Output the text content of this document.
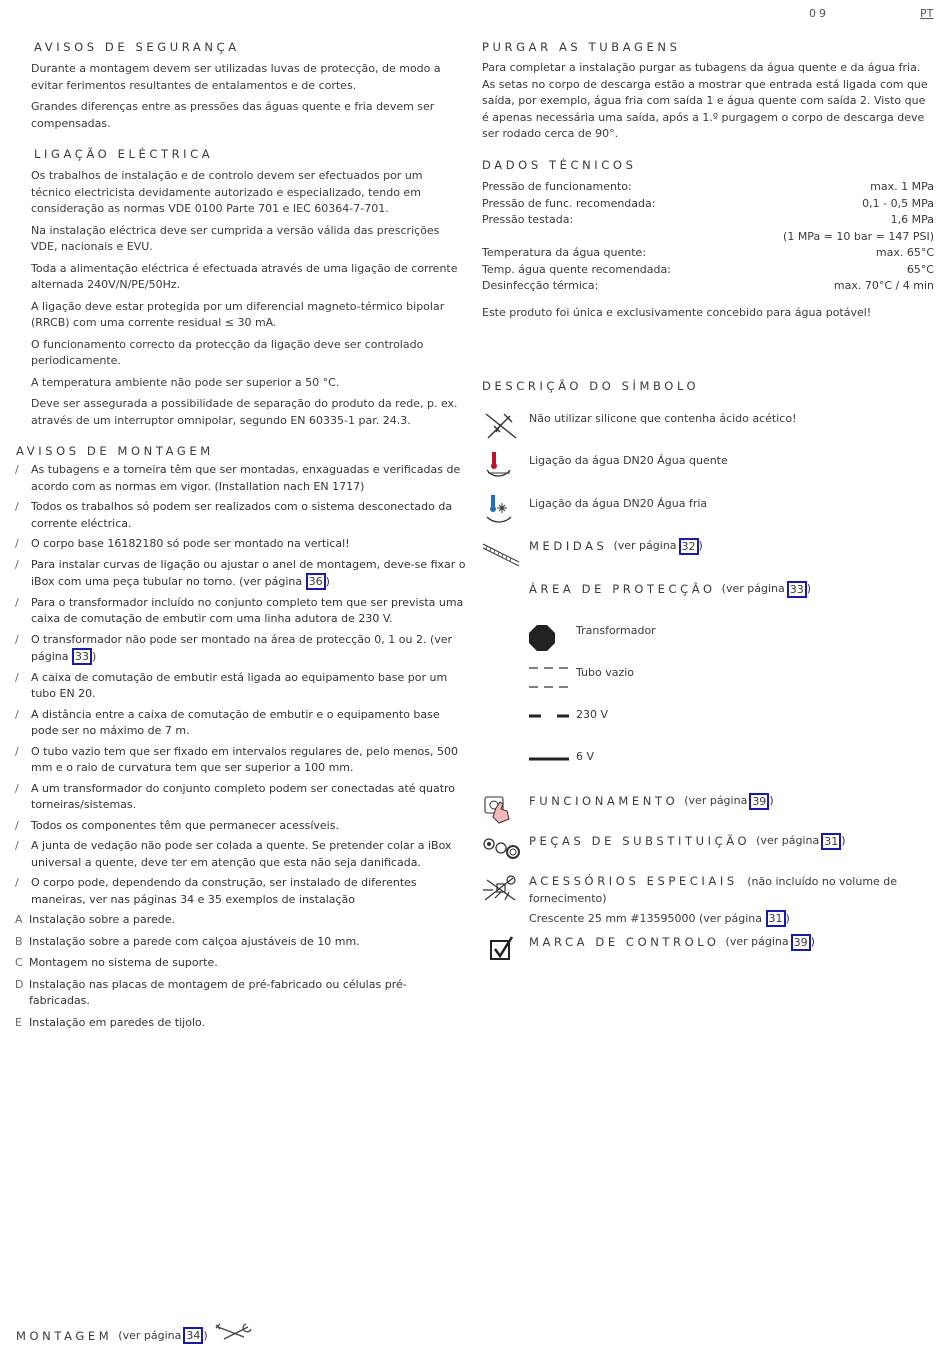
09	PT
AVISOS DE SEGURANÇA

Durante a montagem devem ser utilizadas luvas de protecção, de modo a evitar ferimentos resultantes de entalamentos e de cortes.

Grandes diferenças entre as pressões das águas quente e fria devem ser compensadas.

LIGAÇÃO ELÉCTRICA

Os trabalhos de instalação e de controlo devem ser efectuados por um técnico electricista devidamente autorizado e especializado, tendo em consideração as normas VDE 0100 Parte 701 e IEC 60364-7-701.

Na instalação eléctrica deve ser cumprida a versão válida das prescrições VDE, nacionais e EVU.

Toda a alimentação eléctrica é efectuada através de uma ligação de corrente alternada 240V/N/PE/50Hz.

A ligação deve estar protegida por um diferencial magneto-térmico bipolar (RRCB) com uma corrente residual ≤ 30 mA.

O funcionamento correcto da protecção da ligação deve ser controlado periodicamente.

A temperatura ambiente não pode ser superior a 50 °C.

Deve ser assegurada a possibilidade de separação do produto da rede, p. ex. através de um interruptor omnipolar, segundo EN 60335-1 par. 24.3.

AVISOS DE MONTAGEM
/	As tubagens e a torneira têm que ser montadas, enxaguadas e verificadas de acordo com as normas em vigor. (Installation nach EN 1717)
/	Todos os trabalhos só podem ser realizados com o sistema desconectado da corrente eléctrica.
/	O corpo base 16182180 só pode ser montado na vertical!
/	Para instalar curvas de ligação ou ajustar o anel de montagem, deve-se fixar o iBox com uma peça tubular no torno. (ver página 36 )
/	Para o transformador incluído no conjunto completo tem que ser prevista uma caixa de comutação de embutir com uma linha adutora de 230 V.
/	O transformador não pode ser montado na área de protecção 0, 1 ou 2. (ver página 33 )
/	A caixa de comutação de embutir está ligada ao equipamento base por um tubo EN 20.
/	A distância entre a caixa de comutação de embutir e o equipamento base pode ser no máximo de 7 m.
/	O tubo vazio tem que ser fixado em intervalos regulares de, pelo menos, 500 mm e o raio de curvatura tem que ser superior a 100 mm.
/	A um transformador do conjunto completo podem ser conectadas até quatro torneiras/sistemas.
/	Todos os componentes têm que permanecer acessíveis.
/	A junta de vedação não pode ser colada a quente. Se pretender colar a iBox universal a quente, deve ter em atenção que esta não seja danificada.
/	O corpo pode, dependendo da construção, ser instalado de diferentes maneiras, ver nas páginas 34 e 35 exemplos de instalação
A Instalação sobre a parede.
B Instalação sobre a parede com calçoa ajustáveis de 10 mm.
C Montagem no sistema de suporte.
D Instalação nas placas de montagem de pré-fabricado ou células pré-fabricadas.
E Instalação em paredes de tijolo.
MONTAGEM (ver página 34 )
PURGAR AS TUBAGENS

Para completar a instalação purgar as tubagens da água quente e da água fria. As setas no corpo de descarga estão a mostrar que entrada está ligada com que saída, por exemplo, água fria com saída 1 e água quente com saída 2. Visto que é apenas necessária uma saída, após a 1.º purgagem o corpo de descarga deve ser rodado cerca de 90°.

DADOS TÉCNICOS
Pressão de funcionamento:	max. 1 MPa
Pressão de func. recomendada:	0,1 - 0,5 MPa
Pressão testada:	1,6 MPa
(1 MPa = 10 bar = 147 PSI)
Temperatura da água quente:	max. 65°C
Temp. água quente recomendada:	65°C
Desinfecção térmica:	max. 70°C / 4 min

Este produto foi única e exclusivamente concebido para água potável!

DESCRIÇÃO DO SÍMBOLO
Não utilizar silicone que contenha ácido acético!
Ligação da água DN20 Água quente
Ligação da água DN20 Água fria
MEDIDAS (ver página 32 )
ÁREA DE PROTECÇÃO (ver página 33 )
Transformador
Tubo vazio
230 V
6 V
FUNCIONAMENTO (ver página 39 )
PEÇAS DE SUBSTITUIÇÃO (ver página 31 )
ACESSÓRIOS ESPECIAIS (não incluído no volume de fornecimento)
Crescente 25 mm #13595000 (ver página 31 )
MARCA DE CONTROLO (ver página 39 )
